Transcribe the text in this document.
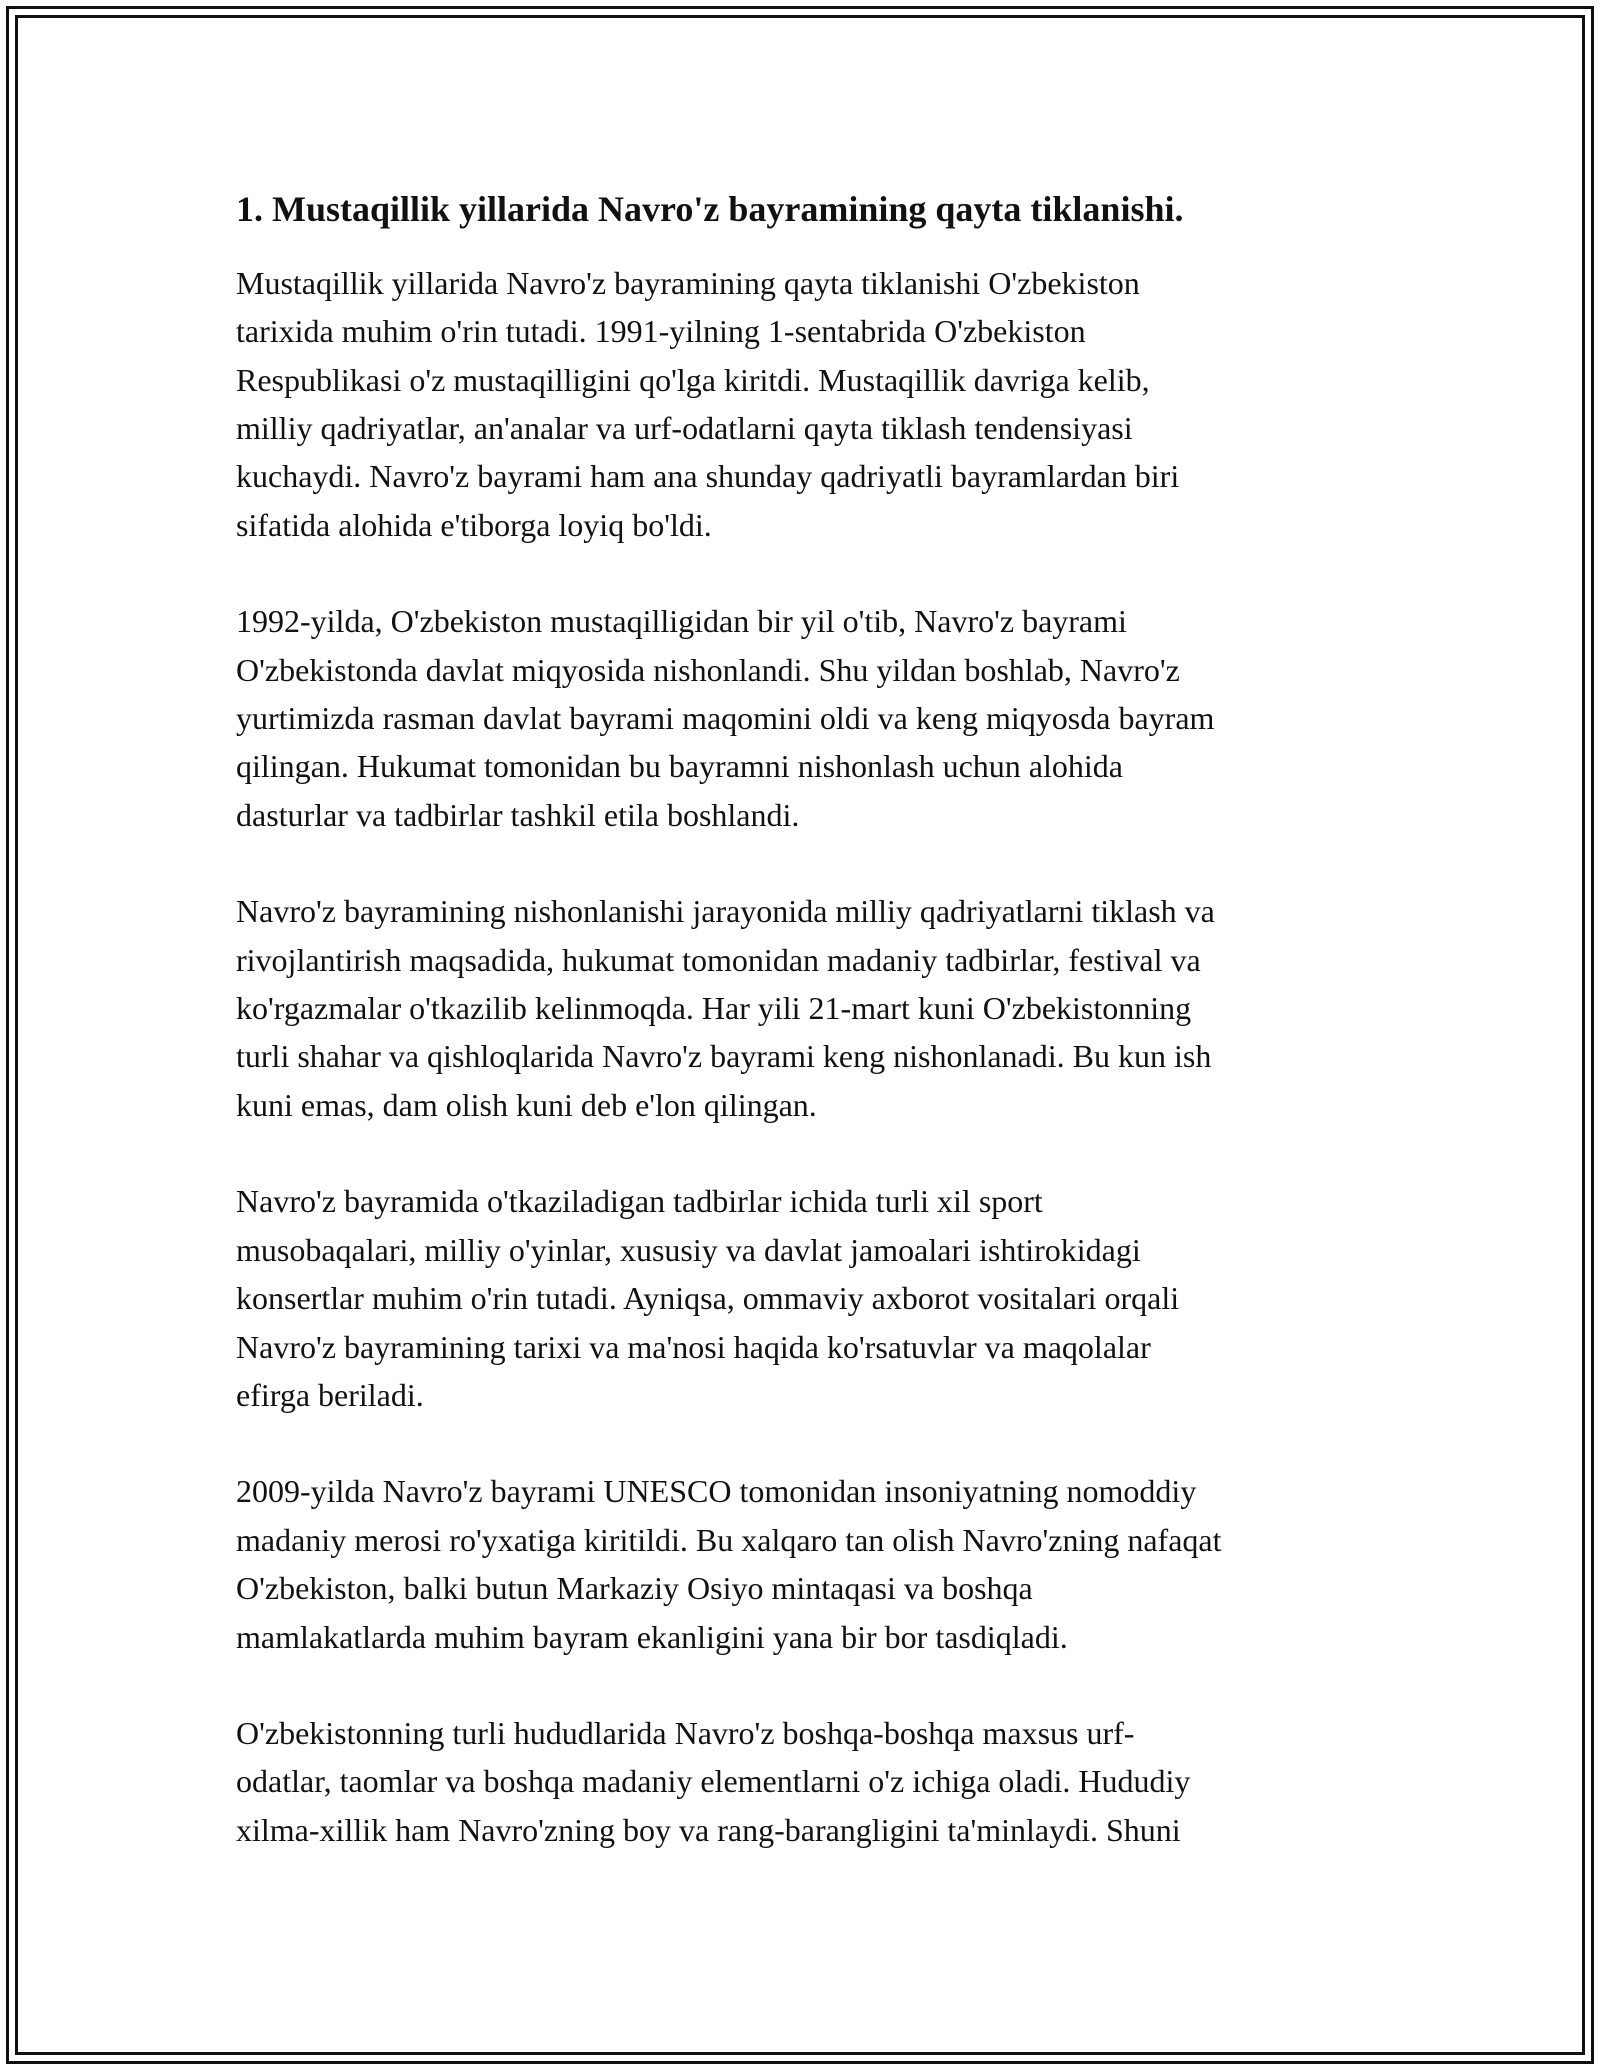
1. Mustaqillik yillarida Navro'z bayramining qayta tiklanishi.

Mustaqillik yillarida Navro'z bayramining qayta tiklanishi O'zbekiston
tarixida muhim o'rin tutadi. 1991-yilning 1-sentabrida O'zbekiston
Respublikasi o'z mustaqilligini qo'lga kiritdi. Mustaqillik davriga kelib,
milliy qadriyatlar, an'analar va urf-odatlarni qayta tiklash tendensiyasi
kuchaydi. Navro'z bayrami ham ana shunday qadriyatli bayramlardan biri
sifatida alohida e'tiborga loyiq bo'ldi.

1992-yilda, O'zbekiston mustaqilligidan bir yil o'tib, Navro'z bayrami
O'zbekistonda davlat miqyosida nishonlandi. Shu yildan boshlab, Navro'z
yurtimizda rasman davlat bayrami maqomini oldi va keng miqyosda bayram
qilingan. Hukumat tomonidan bu bayramni nishonlash uchun alohida
dasturlar va tadbirlar tashkil etila boshlandi.

Navro'z bayramining nishonlanishi jarayonida milliy qadriyatlarni tiklash va
rivojlantirish maqsadida, hukumat tomonidan madaniy tadbirlar, festival va
ko'rgazmalar o'tkazilib kelinmoqda. Har yili 21-mart kuni O'zbekistonning
turli shahar va qishloqlarida Navro'z bayrami keng nishonlanadi. Bu kun ish
kuni emas, dam olish kuni deb e'lon qilingan.

Navro'z bayramida o'tkaziladigan tadbirlar ichida turli xil sport
musobaqalari, milliy o'yinlar, xususiy va davlat jamoalari ishtirokidagi
konsertlar muhim o'rin tutadi. Ayniqsa, ommaviy axborot vositalari orqali
Navro'z bayramining tarixi va ma'nosi haqida ko'rsatuvlar va maqolalar
efirga beriladi.

2009-yilda Navro'z bayrami UNESCO tomonidan insoniyatning nomoddiy
madaniy merosi ro'yxatiga kiritildi. Bu xalqaro tan olish Navro'zning nafaqat
O'zbekiston, balki butun Markaziy Osiyo mintaqasi va boshqa
mamlakatlarda muhim bayram ekanligini yana bir bor tasdiqladi.

O'zbekistonning turli hududlarida Navro'z boshqa-boshqa maxsus urf-
odatlar, taomlar va boshqa madaniy elementlarni o'z ichiga oladi. Hududiy
xilma-xillik ham Navro'zning boy va rang-barangligini ta'minlaydi. Shuni
